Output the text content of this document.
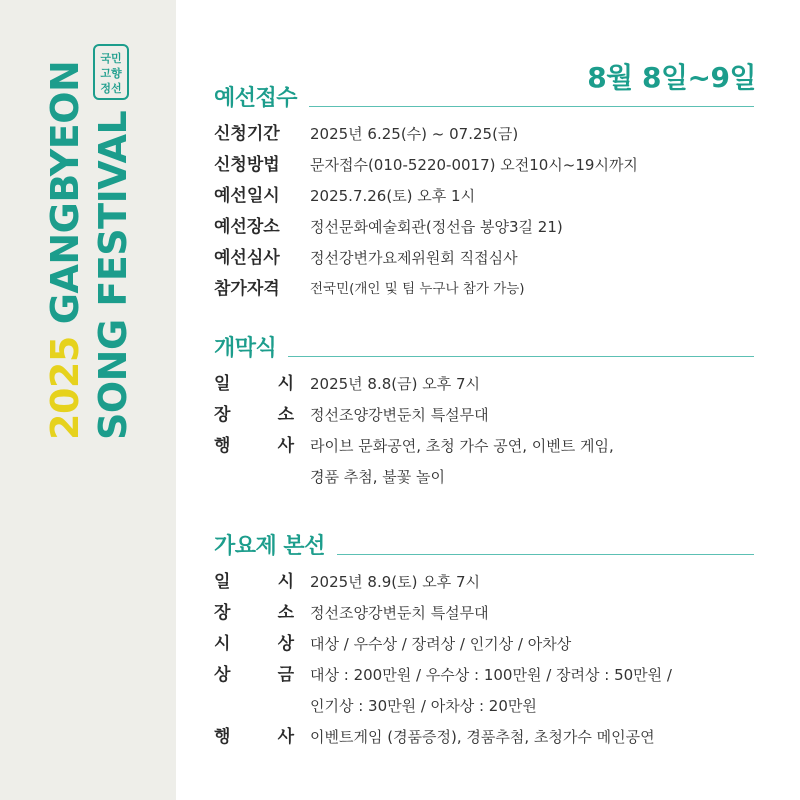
2025GANGBYEON SONG FESTIVAL
국민
고향
정선	8월 8일~9일
예선접수
신청기간	2025년 6.25(수) ~ 07.25(금)
신청방법	문자접수(010-5220-0017) 오전10시~19시까지
예선일시	2025.7.26(토) 오후 1시
예선장소	정선문화예술회관(정선읍 봉양3길 21)
예선심사	정선강변가요제위원회 직접심사
참가자격	전국민(개인 및 팀 누구나 참가 가능)
개막식
일	시 2025년 8.8(금) 오후 7시
장	소 정선조양강변둔치 특설무대
행	사 라이브 문화공연, 초청 가수 공연, 이벤트 게임,
경품 추첨, 불꽃 놀이
가요제 본선
일	시 2025년 8.9(토) 오후 7시
장	소 정선조양강변둔치 특설무대
시	상 대상 / 우수상 / 장려상 / 인기상 / 아차상
상	금 대상 : 200만원 / 우수상 : 100만원 / 장려상 : 50만원 /
인기상 : 30만원 / 아차상 : 20만원
행	사 이벤트게임 (경품증정), 경품추첨, 초청가수 메인공연
